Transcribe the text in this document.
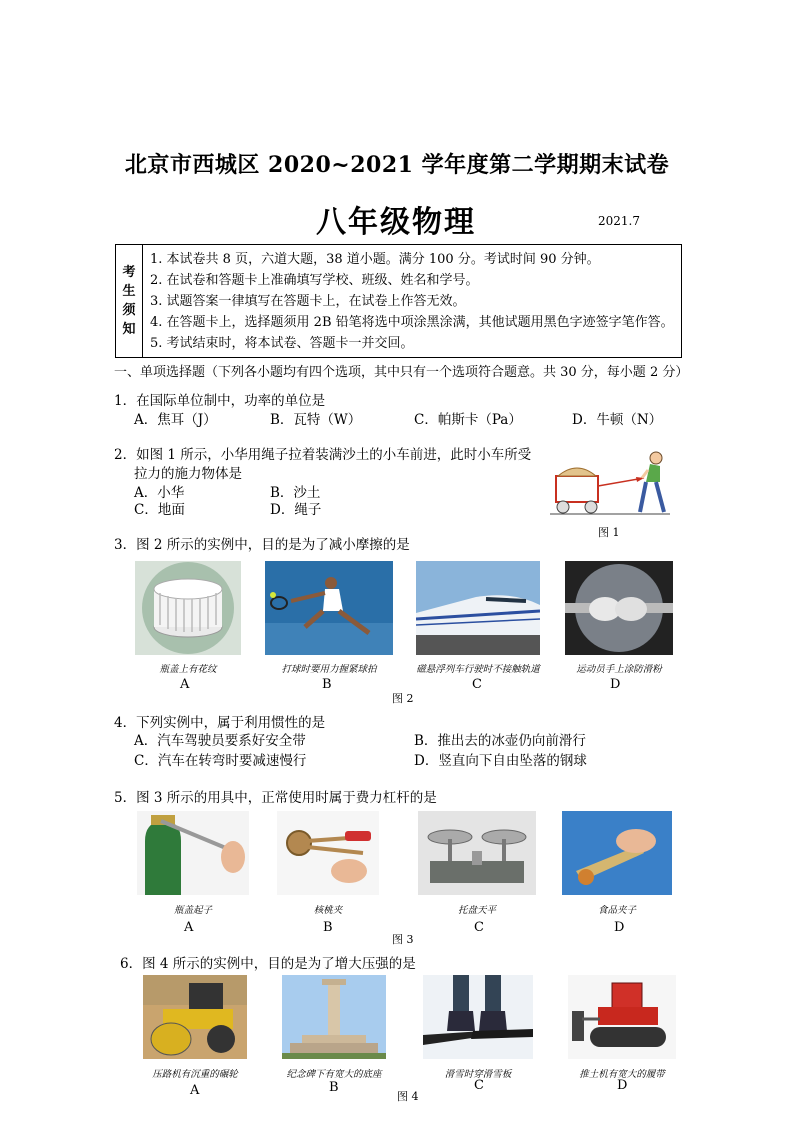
北京市西城区 2020~2021 学年度第二学期期末试卷
八年级物理	2021.7
考
生
须
知
1. 本试卷共 8 页，六道大题，38 道小题。满分 100 分。考试时间 90 分钟。
2. 在试卷和答题卡上准确填写学校、班级、姓名和学号。
3. 试题答案一律填写在答题卡上，在试卷上作答无效。
4. 在答题卡上，选择题须用 2B 铅笔将选中项涂黑涂满，其他试题用黑色字迹签字笔作答。
5. 考试结束时，将本试卷、答题卡一并交回。
一、单项选择题（下列各小题均有四个选项，其中只有一个选项符合题意。共 30 分，每小题 2 分）
1．在国际单位制中，功率的单位是
A．焦耳（J）	B．瓦特（W）	C．帕斯卡（Pa）	D．牛顿（N）
2．如图 1 所示，小华用绳子拉着装满沙土的小车前进，此时小车所受
拉力的施力物体是
A．小华	B．沙土
C．地面	D．绳子
图 1
3．图 2 所示的实例中，目的是为了减小摩擦的是
瓶盖上有花纹	打球时要用力握紧球拍	磁悬浮列车行驶时不接触轨道	运动员手上涂防滑粉
A	B	C	D
图 2
4．下列实例中，属于利用惯性的是
A．汽车驾驶员要系好安全带	B．推出去的冰壶仍向前滑行
C．汽车在转弯时要减速慢行	D．竖直向下自由坠落的钢球
5．图 3 所示的用具中，正常使用时属于费力杠杆的是
瓶盖起子	核桃夹	托盘天平	食品夹子
A	B	C	D
图 3
6．图 4 所示的实例中，目的是为了增大压强的是
压路机有沉重的碾轮	纪念碑下有宽大的底座	滑雪时穿滑雪板	推土机有宽大的履带
A	B	C	D
图 4
